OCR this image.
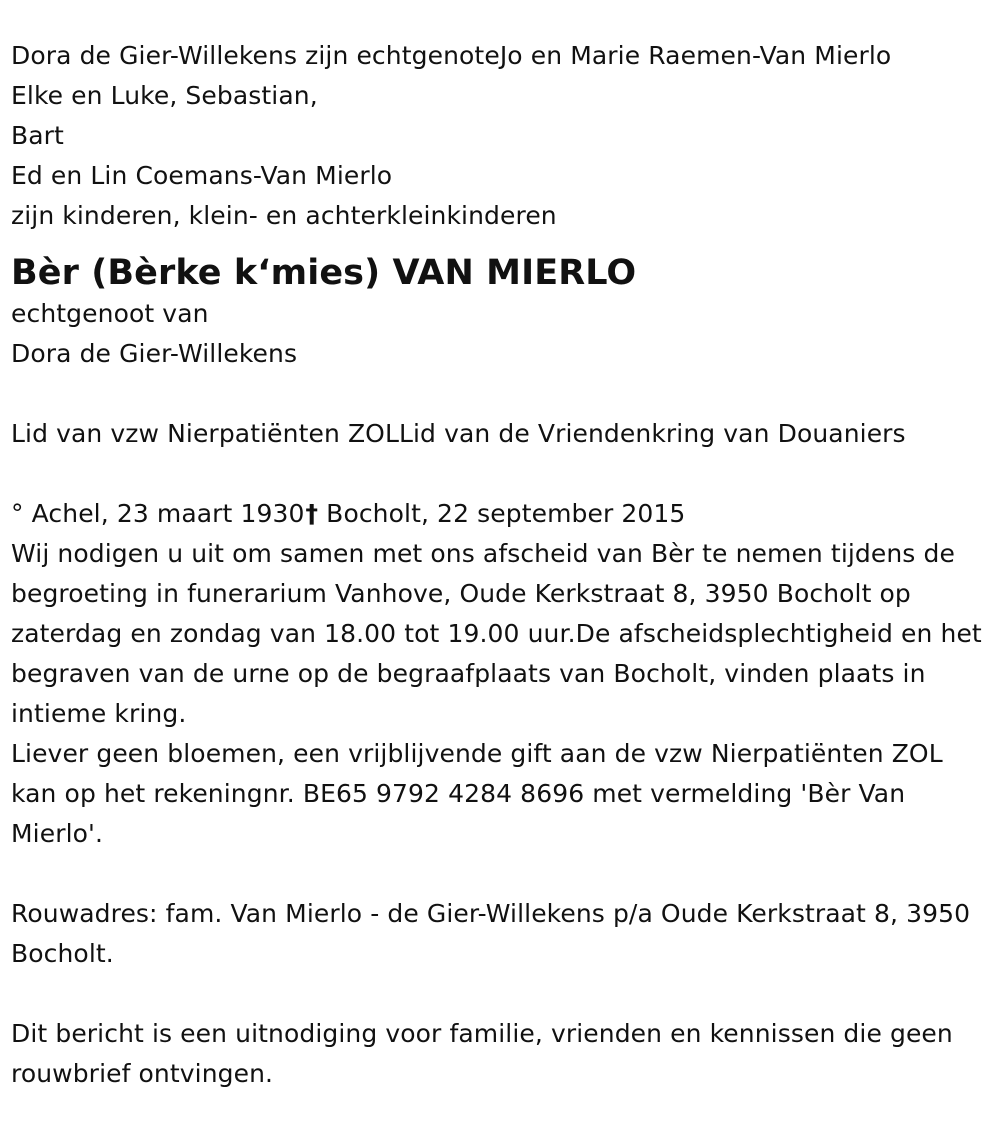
Dora de Gier-Willekens zijn echtgenoteJo en Marie Raemen-Van Mierlo
Elke en Luke, Sebastian,
Bart
Ed en Lin Coemans-Van Mierlo
zijn kinderen, klein- en achterkleinkinderen
Bèr (Bèrke k‘mies) VAN MIERLO
echtgenoot van
Dora de Gier-Willekens
Lid van vzw Nierpatiënten ZOLLid van de Vriendenkring van Douaniers
° Achel, 23 maart 1930† Bocholt, 22 september 2015
Wij nodigen u uit om samen met ons afscheid van Bèr te nemen tijdens de begroeting in funerarium Vanhove, Oude Kerkstraat 8, 3950 Bocholt op zaterdag en zondag van 18.00 tot 19.00 uur.De afscheidsplechtigheid en het begraven van de urne op de begraafplaats van Bocholt, vinden plaats in intieme kring.
Liever geen bloemen, een vrijblijvende gift aan de vzw Nierpatiënten ZOL kan op het rekeningnr. BE65 9792 4284 8696 met vermelding 'Bèr Van Mierlo'.
Rouwadres: fam. Van Mierlo - de Gier-Willekens p/a Oude Kerkstraat 8, 3950 Bocholt.
Dit bericht is een uitnodiging voor familie, vrienden en kennissen die geen rouwbrief ontvingen.
